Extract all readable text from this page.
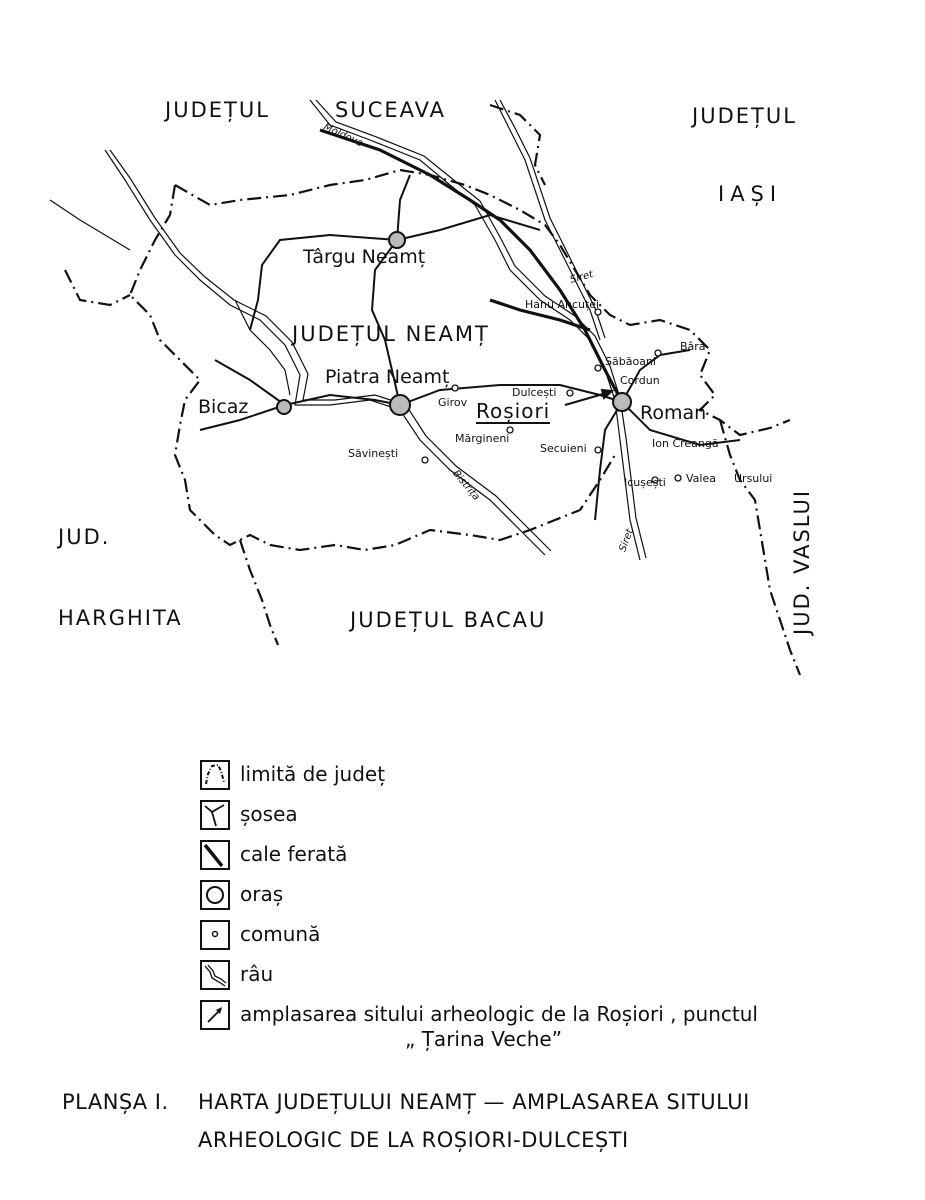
JUDEȚUL	SUCEAVA	JUDEȚUL
IAȘI
JUDEȚUL NEAMȚ
JUD.
HARGHITA	JUDEȚUL BACAU	JUD. VASLUI
Târgu Neamț
Piatra Neamț
Bicaz	Roman
Hanu Ancuței
Săbăoani
Bâra
Cordun
Dulcești
Girov
Mărgineni
Săvinești	Secuieni	Ion Creangă
Icușești Valea Ursului
Moldova
Siret
Siret
Bistrița
Roșiori
limită de județ
șosea
cale ferată
oraș
comună
râu
amplasarea sitului arheologic de la Roșiori , punctul
„ Țarina Veche”
PLANȘA I. HARTA JUDEȚULUI NEAMȚ — AMPLASAREA SITULUI
ARHEOLOGIC DE LA ROȘIORI-DULCEȘTI
